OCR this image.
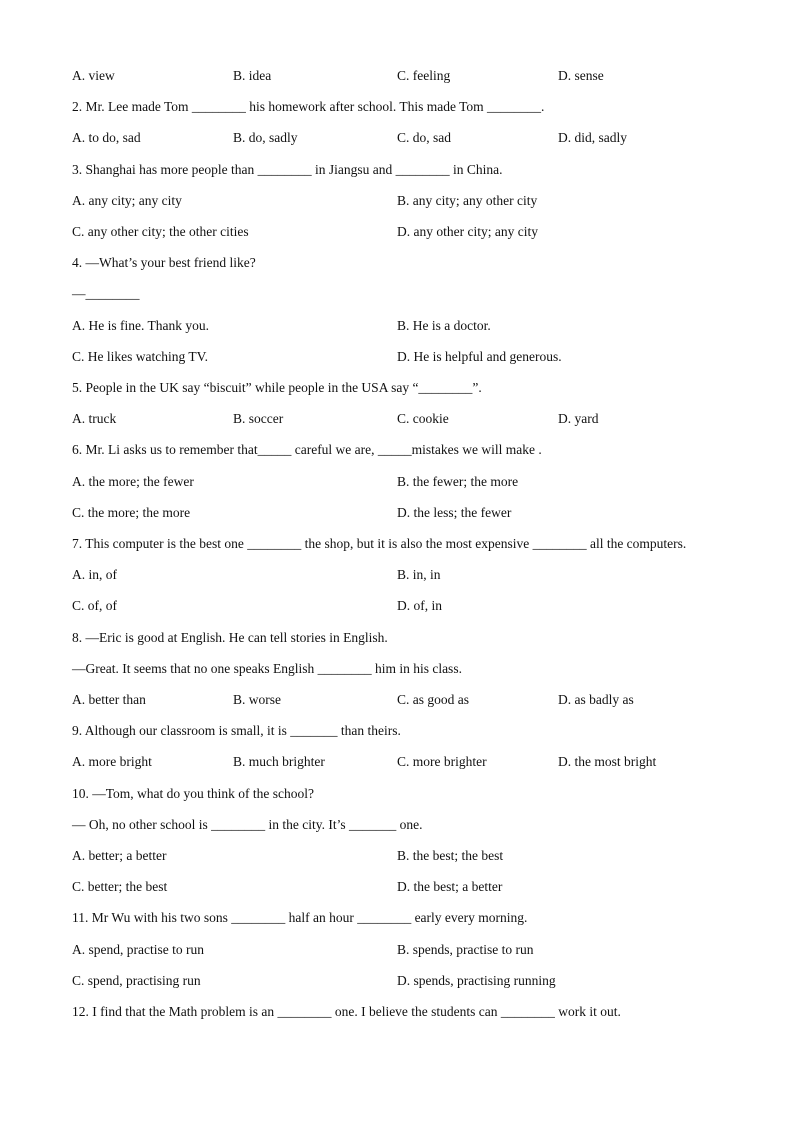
A. view	B. idea	C. feeling	D. sense
2. Mr. Lee made Tom ________ his homework after school. This made Tom ________.
A. to do, sad	B. do, sadly	C. do, sad	D. did, sadly
3. Shanghai has more people than ________ in Jiangsu and ________ in China.
A. any city; any city	B. any city; any other city
C. any other city; the other cities	D. any other city; any city
4. —What’s your best friend like?
—________
A. He is fine. Thank you.	B. He is a doctor.
C. He likes watching TV.	D. He is helpful and generous.
5. People in the UK say “biscuit” while people in the USA say “________”.
A. truck	B. soccer	C. cookie	D. yard
6. Mr. Li asks us to remember that_____ careful we are, _____mistakes we will make .
A. the more; the fewer	B. the fewer; the more
C. the more; the more	D. the less; the fewer
7. This computer is the best one ________ the shop, but it is also the most expensive ________ all the computers.
A. in, of	B. in, in
C. of, of	D. of, in
8. —Eric is good at English. He can tell stories in English.
—Great. It seems that no one speaks English ________ him in his class.
A. better than	B. worse	C. as good as	D. as badly as
9. Although our classroom is small, it is _______ than theirs.
A. more bright	B. much brighter	C. more brighter	D. the most bright
10. —Tom, what do you think of the school?
— Oh, no other school is ________ in the city. It’s _______ one.
A. better; a better	B. the best; the best
C. better; the best	D. the best; a better
11. Mr Wu with his two sons ________ half an hour ________ early every morning.
A. spend, practise to run	B. spends, practise to run
C. spend, practising run	D. spends, practising running
12. I find that the Math problem is an ________ one. I believe the students can ________ work it out.
